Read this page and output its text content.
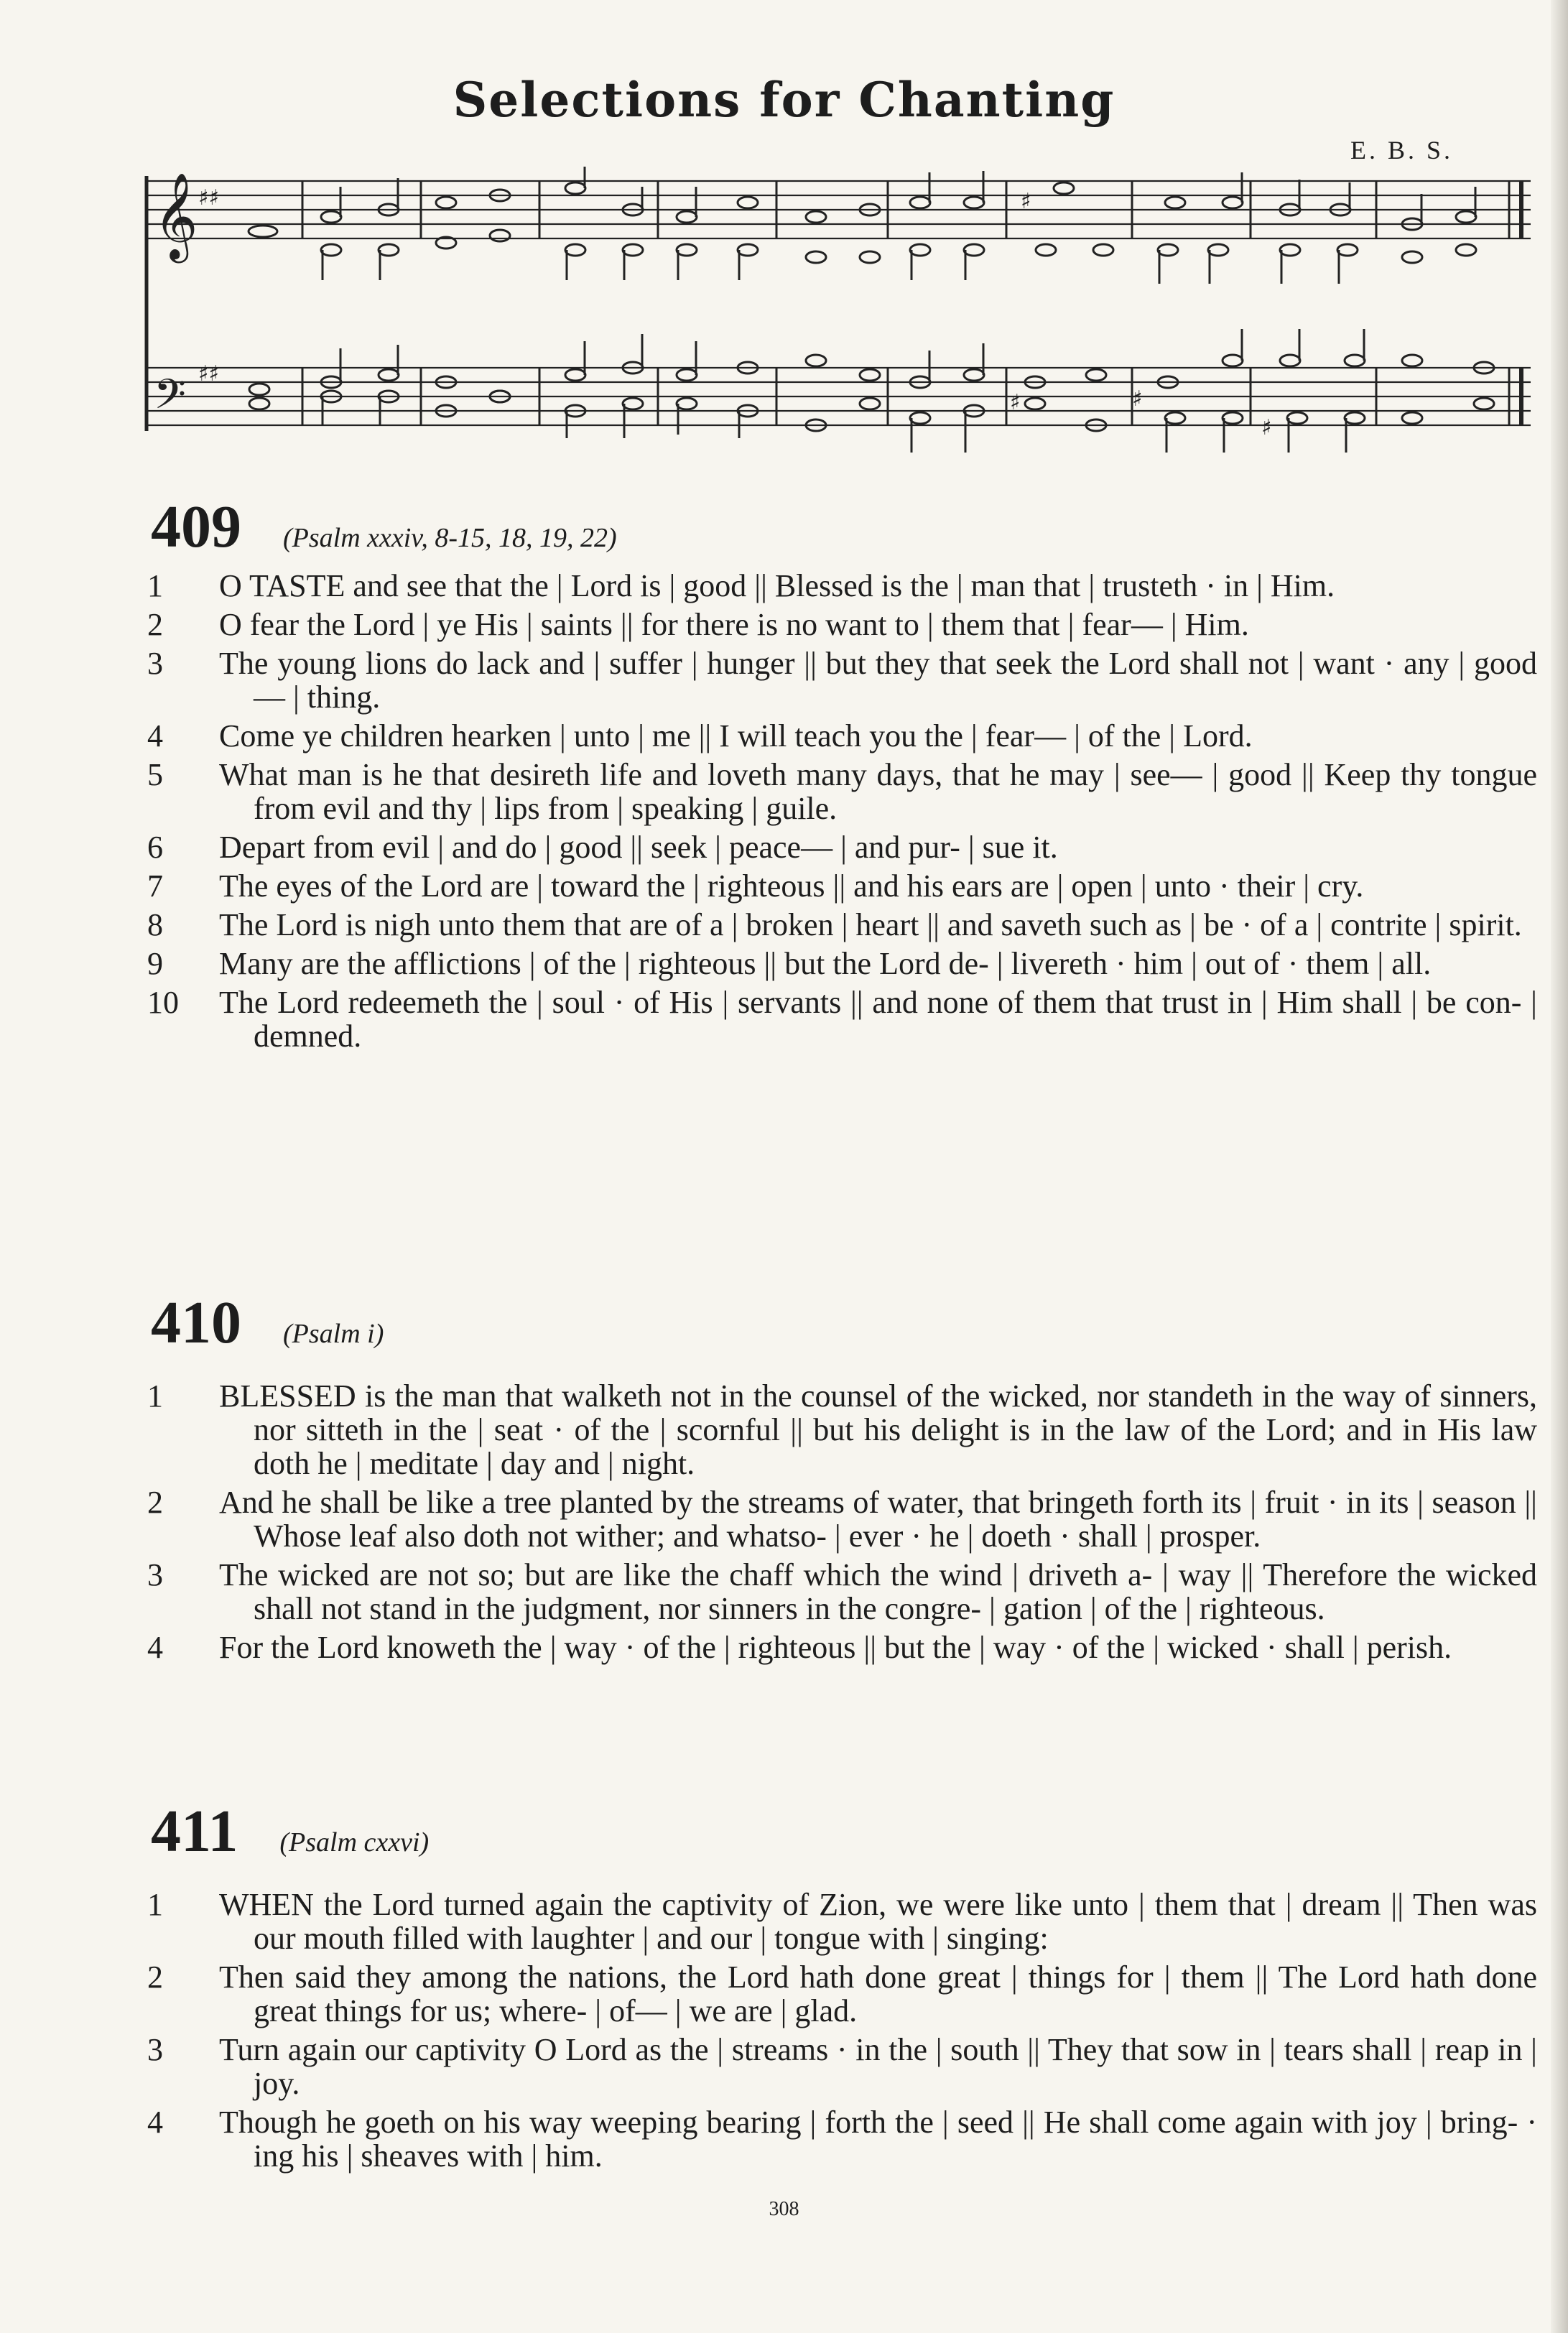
Selections for Chanting
E. B. S.
𝄞
𝄢
♯♯
♯♯
♯
♯	♯
♯
409 (Psalm xxxiv, 8-15, 18, 19, 22)
1 O TASTE and see that the | Lord is | good || Blessed is the | man that | trusteth · in | Him.
2 O fear the Lord | ye His | saints || for there is no want to | them that | fear— | Him.
3 The young lions do lack and | suffer | hunger || but they that seek the Lord shall not | want · any | good— | thing.
4 Come ye children hearken | unto | me || I will teach you the | fear— | of the | Lord.
5 What man is he that desireth life and loveth many days, that he may | see— | good || Keep thy tongue from evil and thy | lips from | speaking | guile.
6 Depart from evil | and do | good || seek | peace— | and pur- | sue it.
7 The eyes of the Lord are | toward the | righteous || and his ears are | open | unto · their | cry.
8 The Lord is nigh unto them that are of a | broken | heart || and saveth such as | be · of a | contrite | spirit.
9 Many are the afflictions | of the | righteous || but the Lord de- | livereth · him | out of · them | all.
10 The Lord redeemeth the | soul · of His | servants || and none of them that trust in | Him shall | be con- | demned.
410 (Psalm i)
1 BLESSED is the man that walketh not in the counsel of the wicked, nor standeth in the way of sinners, nor sitteth in the | seat · of the | scornful || but his delight is in the law of the Lord; and in His law doth he | meditate | day and | night.
2 And he shall be like a tree planted by the streams of water, that bringeth forth its | fruit · in its | season || Whose leaf also doth not wither; and whatso- | ever · he | doeth · shall | prosper.
3 The wicked are not so; but are like the chaff which the wind | driveth a- | way || Therefore the wicked shall not stand in the judgment, nor sinners in the congre- | gation | of the | righteous.
4 For the Lord knoweth the | way · of the | righteous || but the | way · of the | wicked · shall | perish.
411 (Psalm cxxvi)
1 WHEN the Lord turned again the captivity of Zion, we were like unto | them that | dream || Then was our mouth filled with laughter | and our | tongue with | singing:
2 Then said they among the nations, the Lord hath done great | things for | them || The Lord hath done great things for us; where- | of— | we are | glad.
3 Turn again our captivity O Lord as the | streams · in the | south || They that sow in | tears shall | reap in | joy.
4 Though he goeth on his way weeping bearing | forth the | seed || He shall come again with joy | bring- · ing his | sheaves with | him.
308
